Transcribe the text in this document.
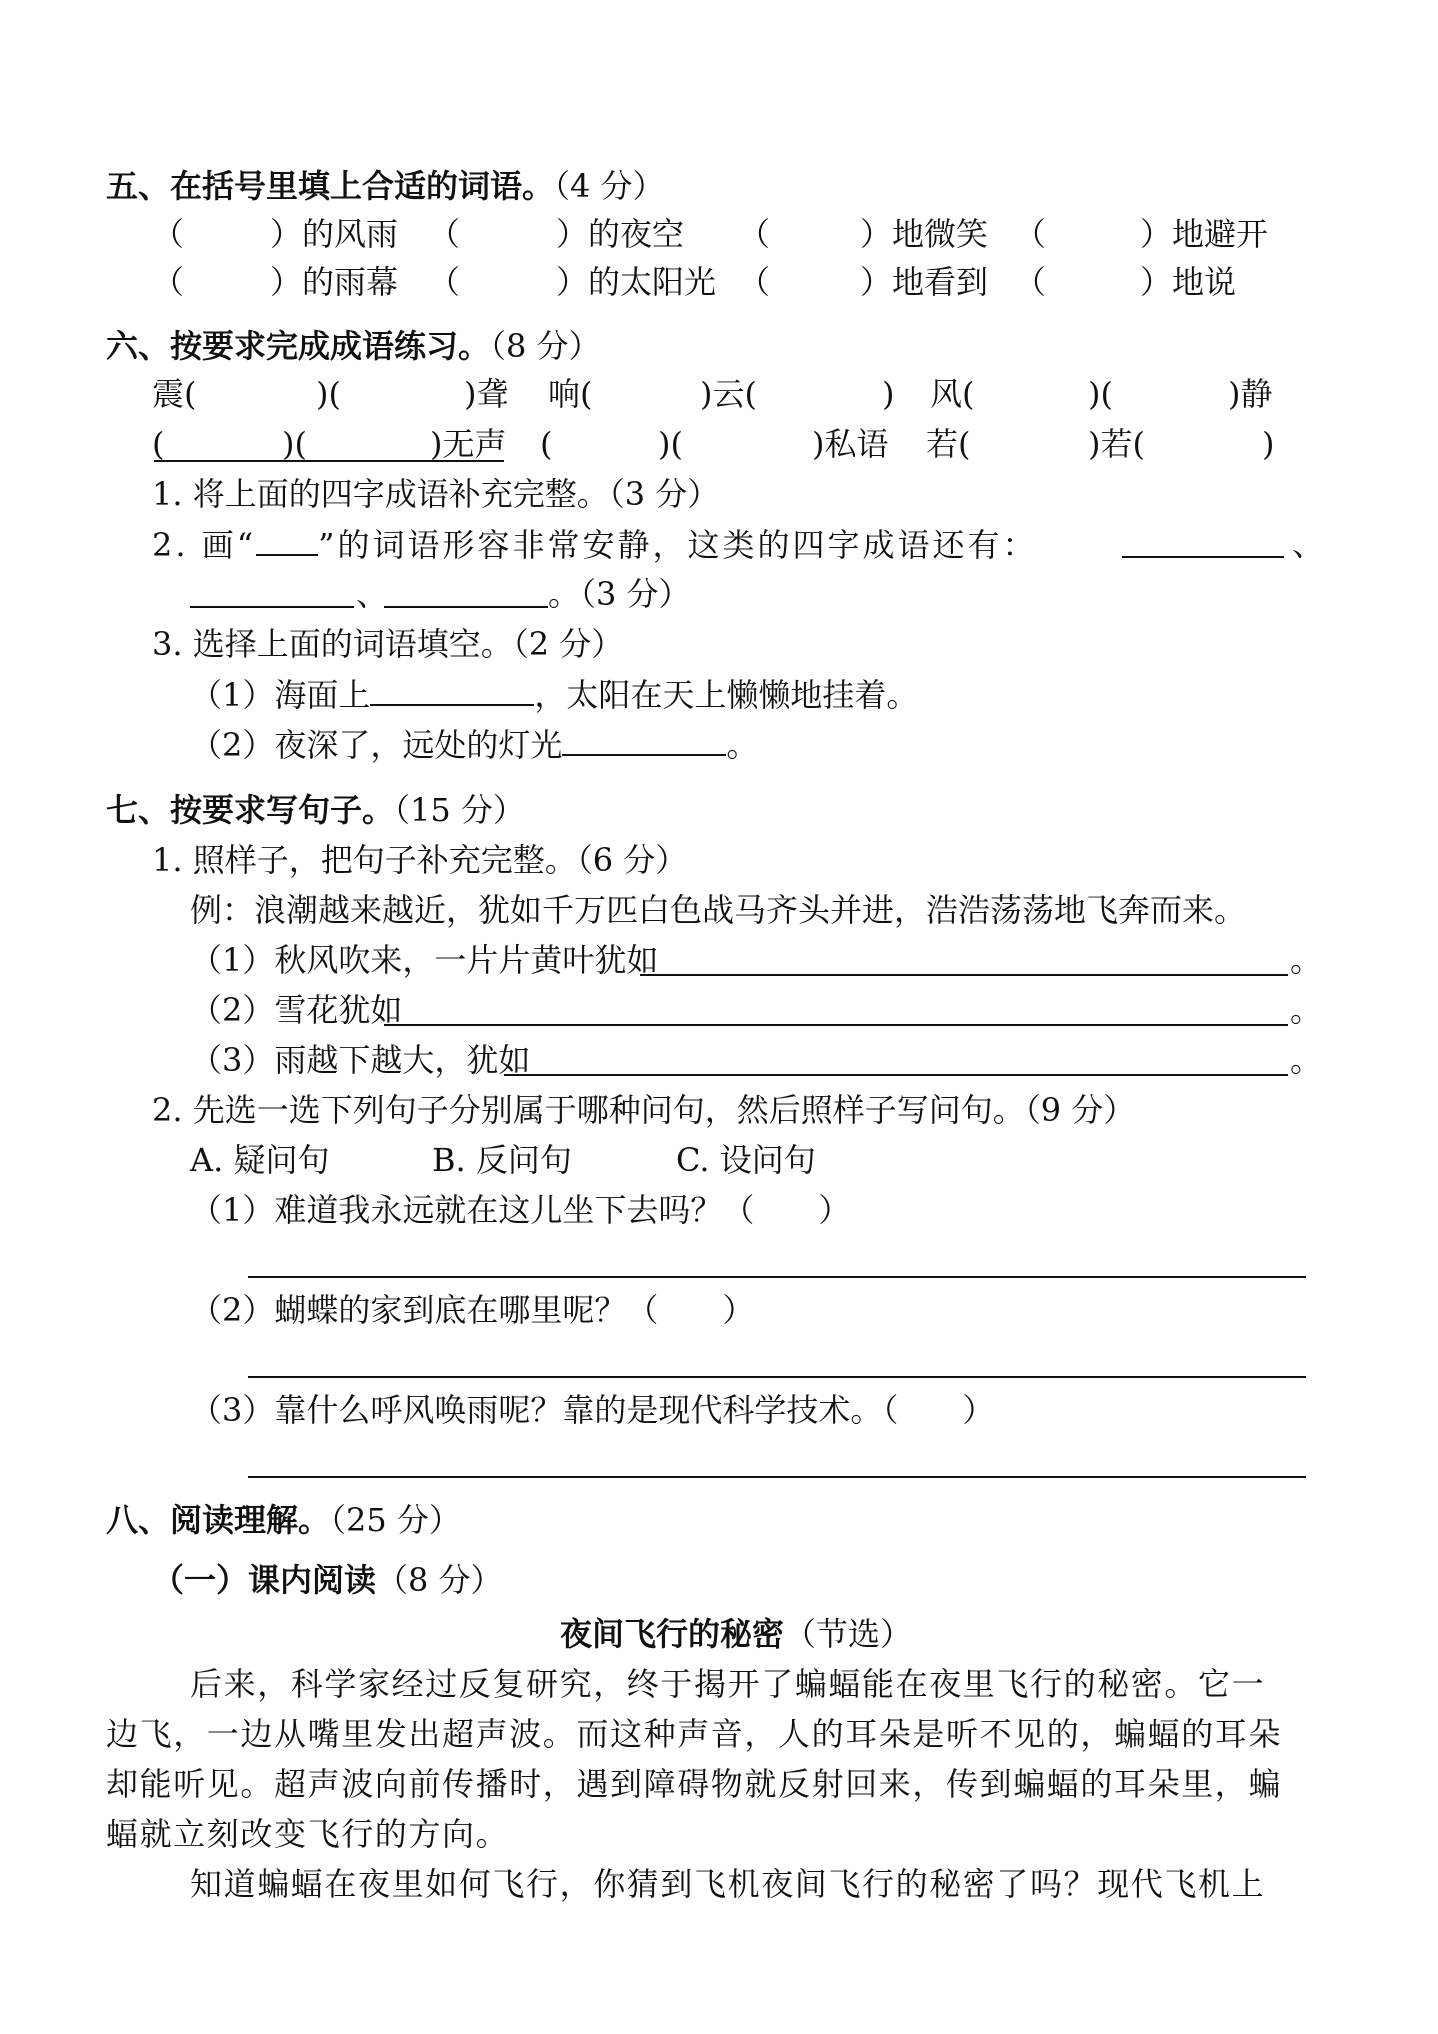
五、在括号里填上合适的词语。（4 分）
（	）的风雨 （	）的夜空 （	）地微笑 （	）地避开
（	）的雨幕 （	）的太阳光 （	）地看到 （	）地说
六、按要求完成成语练习。（8 分）
震(	)(	)聋 响(	)云(	) 风(	)(	)静
(	)(	)无声 (	)(	)私语 若(	)若(	)
1. 将上面的四字成语补充完整。（3 分）
2. 画“ ”的词语形容非常安静，这类的四字成语还有：	、
、	。（3 分）
3. 选择上面的词语填空。（2 分）
（1）海面上	，太阳在天上懒懒地挂着。
（2）夜深了，远处的灯光	。
七、按要求写句子。（15 分）
1. 照样子，把句子补充完整。（6 分）
例：浪潮越来越近，犹如千万匹白色战马齐头并进，浩浩荡荡地飞奔而来。
（1）秋风吹来，一片片黄叶犹如	。
（2）雪花犹如	。
（3）雨越下越大，犹如	。
2. 先选一选下列句子分别属于哪种问句，然后照样子写问句。（9 分）
A. 疑问句	B. 反问句	C. 设问句
（1）难道我永远就在这儿坐下去吗？（　　）
（2）蝴蝶的家到底在哪里呢？（　　）
（3）靠什么呼风唤雨呢？靠的是现代科学技术。（　　）
八、阅读理解。（25 分）
（一）课内阅读（8 分）
夜间飞行的秘密（节选）
后来，科学家经过反复研究，终于揭开了蝙蝠能在夜里飞行的秘密。它一
边飞，一边从嘴里发出超声波。而这种声音，人的耳朵是听不见的，蝙蝠的耳朵
却能听见。超声波向前传播时，遇到障碍物就反射回来，传到蝙蝠的耳朵里，蝙
蝠就立刻改变飞行的方向。
知道蝙蝠在夜里如何飞行，你猜到飞机夜间飞行的秘密了吗？现代飞机上
